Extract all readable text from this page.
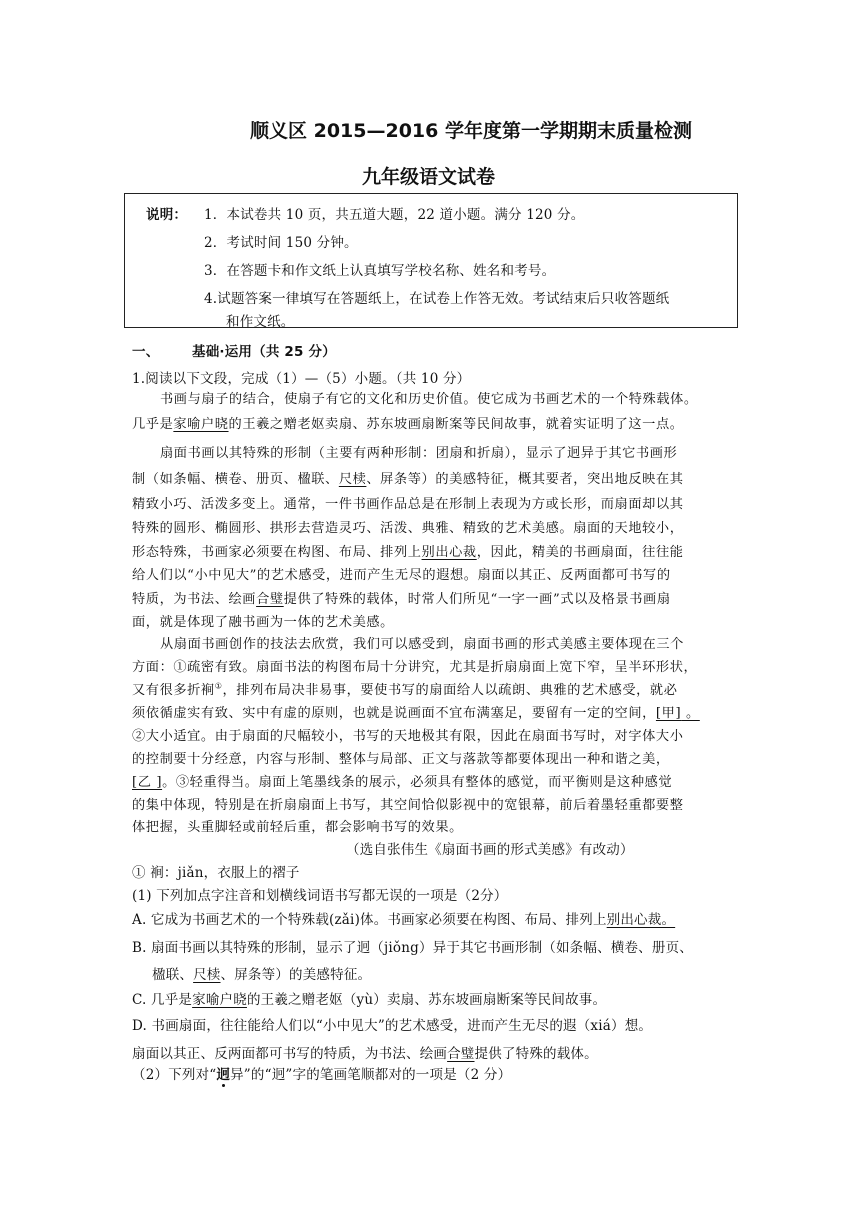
顺义区 2015—2016 学年度第一学期期末质量检测
九年级语文试卷
说明： 1．本试卷共 10 页，共五道大题，22 道小题。满分 120 分。
2．考试时间 150 分钟。
3．在答题卡和作文纸上认真填写学校名称、姓名和考号。
4.试题答案一律填写在答题纸上，在试卷上作答无效。考试结束后只收答题纸
和作文纸。
一、 基础·运用（共 25 分）
1.阅读以下文段，完成（1）—（5）小题。（共 10 分）
书画与扇子的结合，使扇子有它的文化和历史价值。使它成为书画艺术的一个特殊载体。
几乎是家喻户晓的王羲之赠老妪卖扇、苏东坡画扇断案等民间故事，就着实证明了这一点。
扇面书画以其特殊的形制（主要有两种形制：团扇和折扇），显示了迥异于其它书画形
制（如条幅、横卷、册页、楹联、尺椟、屏条等）的美感特征，概其要者，突出地反映在其
精致小巧、活泼多变上。通常，一件书画作品总是在形制上表现为方或长形，而扇面却以其
特殊的圆形、椭圆形、拱形去营造灵巧、活泼、典雅、精致的艺术美感。扇面的天地较小，
形态特殊，书画家必须要在构图、布局、排列上别出心裁，因此，精美的书画扇面，往往能
给人们以“小中见大”的艺术感受，进而产生无尽的遐想。扇面以其正、反两面都可书写的
特质，为书法、绘画合璧提供了特殊的载体，时常人们所见“一字一画”式以及格景书画扇
面，就是体现了融书画为一体的艺术美感。
从扇面书画创作的技法去欣赏，我们可以感受到，扇面书画的形式美感主要体现在三个
方面：①疏密有致。扇面书法的构图布局十分讲究，尤其是折扇扇面上宽下窄，呈半环形状，
又有很多折裥①，排列布局决非易事，要使书写的扇面给人以疏朗、典雅的艺术感受，就必
须依循虚实有致、实中有虚的原则，也就是说画面不宜布满塞足，要留有一定的空间，[甲] 。
②大小适宜。由于扇面的尺幅较小，书写的天地极其有限，因此在扇面书写时，对字体大小
的控制要十分经意，内容与形制、整体与局部、正文与落款等都要体现出一种和谐之美，
[乙 ]。③轻重得当。扇面上笔墨线条的展示，必须具有整体的感觉，而平衡则是这种感觉
的集中体现，特别是在折扇扇面上书写，其空间恰似影视中的宽银幕，前后着墨轻重都要整
体把握，头重脚轻或前轻后重，都会影响书写的效果。
（选自张伟生《扇面书画的形式美感》有改动）
① 裥：jiǎn，衣服上的褶子
(1) 下列加点字注音和划横线词语书写都无误的一项是（2分）
A. 它成为书画艺术的一个特殊载(zǎi)体。书画家必须要在构图、布局、排列上别出心裁。
B. 扇面书画以其特殊的形制，显示了迥（jiǒng）异于其它书画形制（如条幅、横卷、册页、
楹联、尺椟、屏条等）的美感特征。
C. 几乎是家喻户晓的王羲之赠老妪（yù）卖扇、苏东坡画扇断案等民间故事。
D. 书画扇面，往往能给人们以“小中见大”的艺术感受，进而产生无尽的遐（xiá）想。
扇面以其正、反两面都可书写的特质，为书法、绘画合璧提供了特殊的载体。
（2）下列对“迥异”的“迥”字的笔画笔顺都对的一项是（2 分）
